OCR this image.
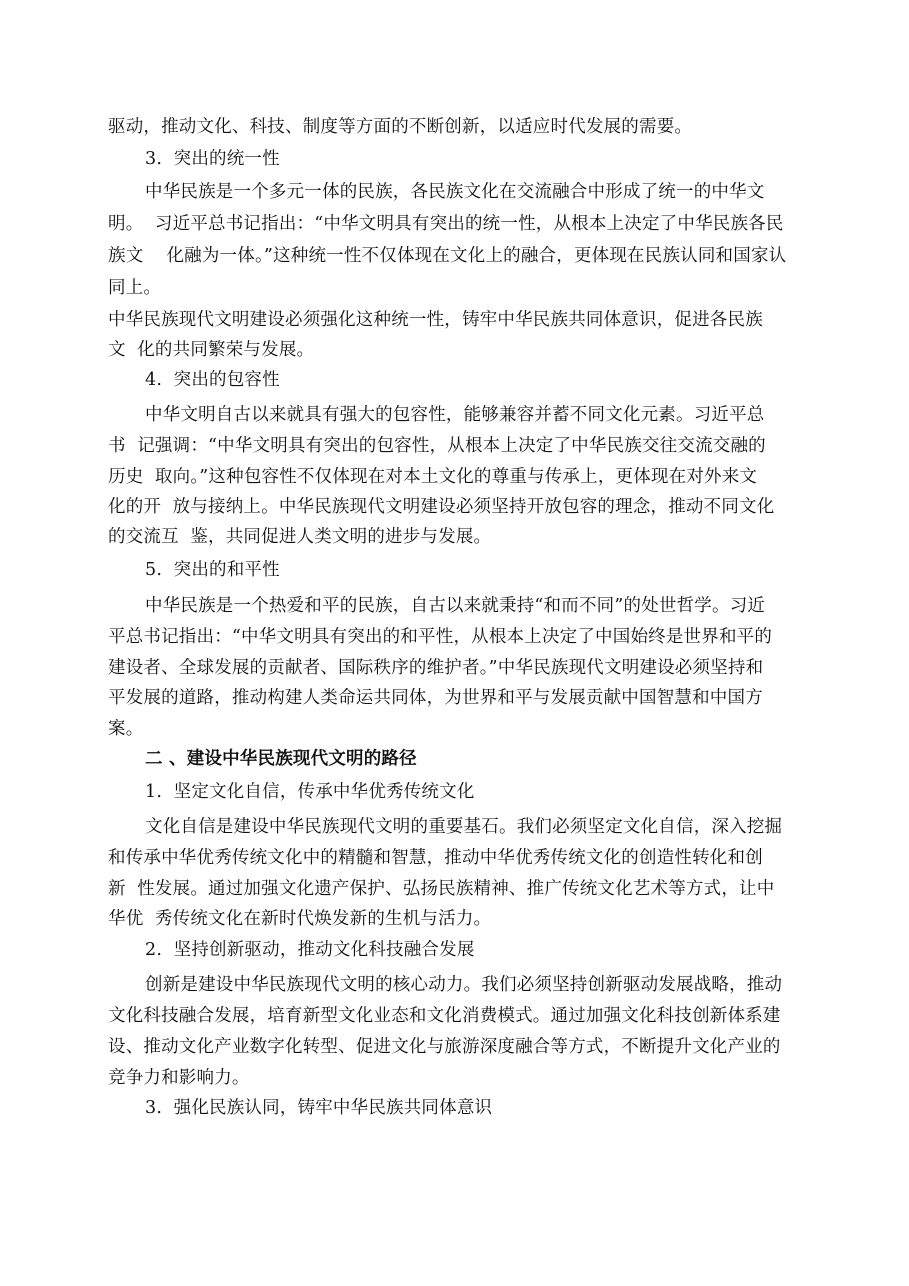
驱动，推动文化、科技、制度等方面的不断创新，以适应时代发展的需要。
3.  突出的统一性
中华民族是一个多元一体的民族，各民族文化在交流融合中形成了统一的中华文
明。  习近平总书记指出：“中华文明具有突出的统一性，从根本上决定了中华民族各民
族文    化融为一体。”这种统一性不仅体现在文化上的融合，更体现在民族认同和国家认
同上。
中华民族现代文明建设必须强化这种统一性，铸牢中华民族共同体意识，促进各民族
文  化的共同繁荣与发展。
4.  突出的包容性
中华文明自古以来就具有强大的包容性，能够兼容并蓄不同文化元素。习近平总
书  记强调：“中华文明具有突出的包容性，从根本上决定了中华民族交往交流交融的
历史  取向。”这种包容性不仅体现在对本土文化的尊重与传承上，更体现在对外来文
化的开  放与接纳上。中华民族现代文明建设必须坚持开放包容的理念，推动不同文化
的交流互  鉴，共同促进人类文明的进步与发展。
5.  突出的和平性
中华民族是一个热爱和平的民族，自古以来就秉持“和而不同”的处世哲学。习近
平总书记指出：“中华文明具有突出的和平性，从根本上决定了中国始终是世界和平的
建设者、全球发展的贡献者、国际秩序的维护者。”中华民族现代文明建设必须坚持和
平发展的道路，推动构建人类命运共同体，为世界和平与发展贡献中国智慧和中国方
案。
二 、建设中华民族现代文明的路径
1.  坚定文化自信，传承中华优秀传统文化
文化自信是建设中华民族现代文明的重要基石。我们必须坚定文化自信，深入挖掘
和传承中华优秀传统文化中的精髓和智慧，推动中华优秀传统文化的创造性转化和创
新  性发展。通过加强文化遗产保护、弘扬民族精神、推广传统文化艺术等方式，让中
华优  秀传统文化在新时代焕发新的生机与活力。
2.  坚持创新驱动，推动文化科技融合发展
创新是建设中华民族现代文明的核心动力。我们必须坚持创新驱动发展战略，推动
文化科技融合发展，培育新型文化业态和文化消费模式。通过加强文化科技创新体系建
设、推动文化产业数字化转型、促进文化与旅游深度融合等方式，不断提升文化产业的
竞争力和影响力。
3.  强化民族认同，铸牢中华民族共同体意识
